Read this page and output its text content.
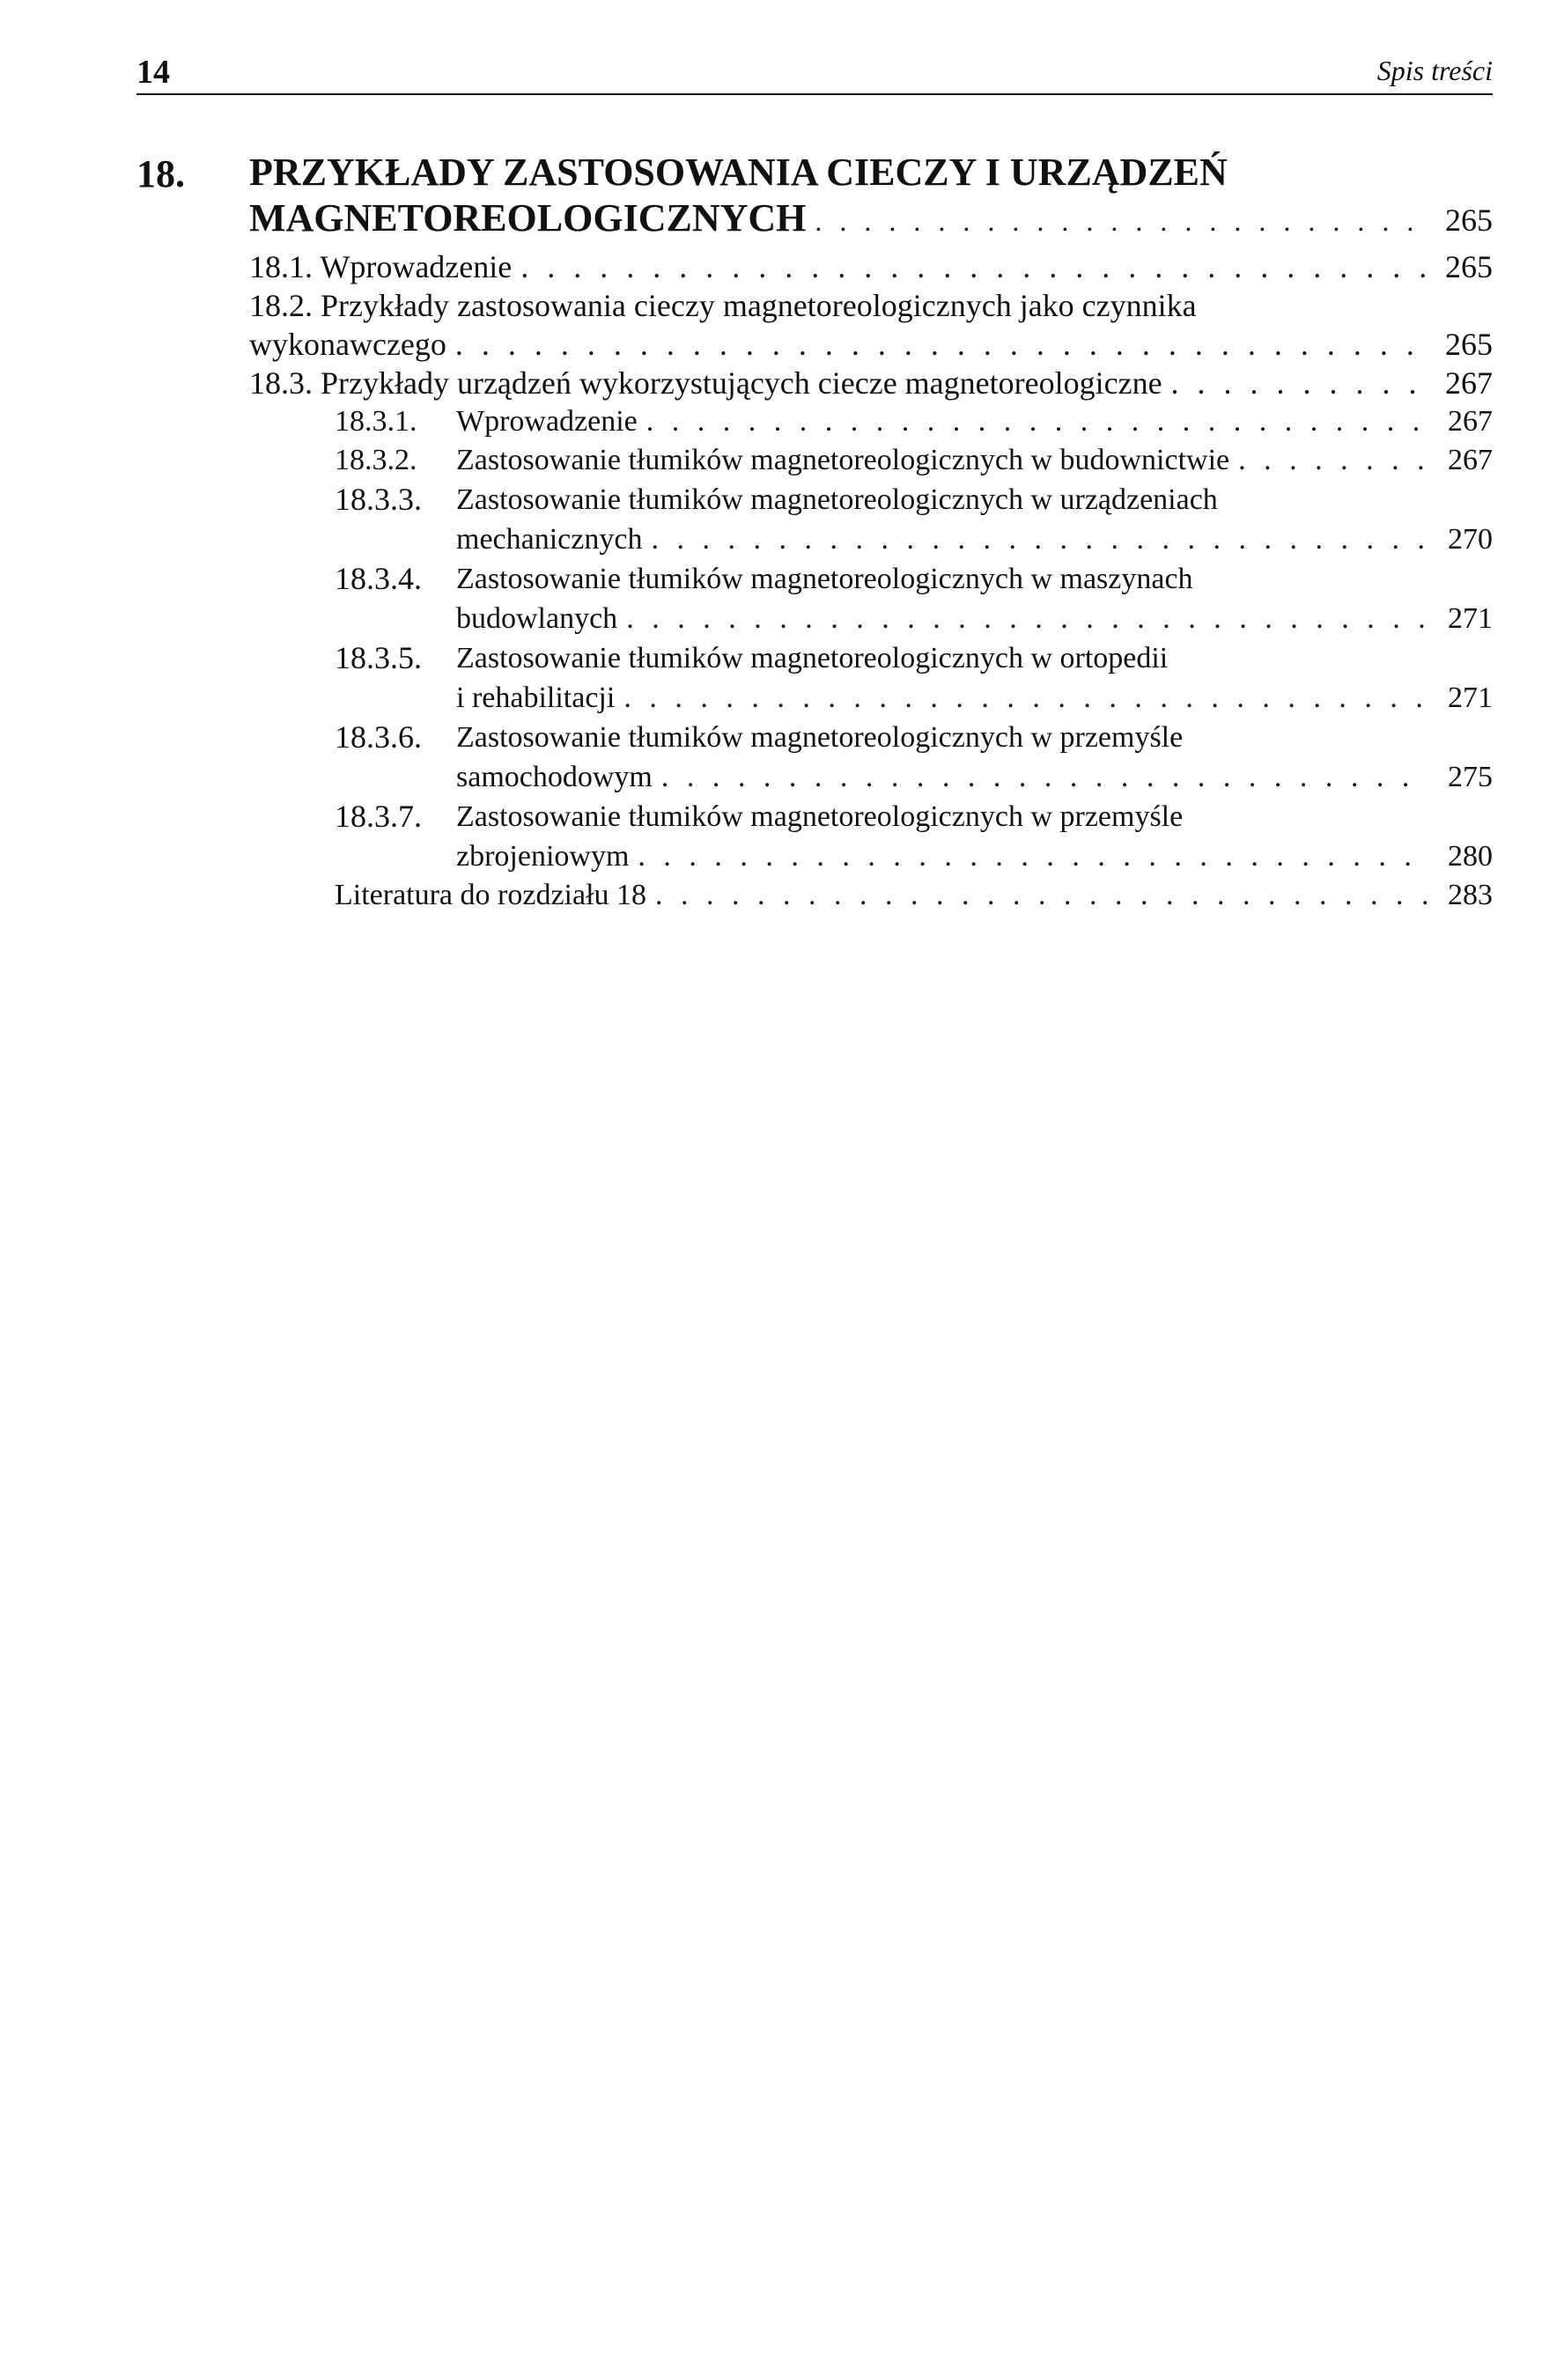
14	Spis treści
18. PRZYKŁADY ZASTOSOWANIA CIECZY I URZĄDZEŃ
MAGNETOREOLOGICZNYCH . . .	265
18.1. Wprowadzenie . . .	265
18.2. Przykłady zastosowania cieczy magnetoreologicznych jako czynnika
wykonawczego . . .	265
18.3. Przykłady urządzeń wykorzystujących ciecze magnetoreologiczne . . .	267
18.3.1. Wprowadzenie . . .	267
18.3.2. Zastosowanie tłumików magnetoreologicznych w budownictwie . . .	267
18.3.3. Zastosowanie tłumików magnetoreologicznych w urządzeniach
mechanicznych . . .	270
18.3.4. Zastosowanie tłumików magnetoreologicznych w maszynach
budowlanych . . .	271
18.3.5. Zastosowanie tłumików magnetoreologicznych w ortopedii
i rehabilitacji . . .	271
18.3.6. Zastosowanie tłumików magnetoreologicznych w przemyśle
samochodowym . . .	275
18.3.7. Zastosowanie tłumików magnetoreologicznych w przemyśle
zbrojeniowym . . .	280
Literatura do rozdziału 18 . . .	283
